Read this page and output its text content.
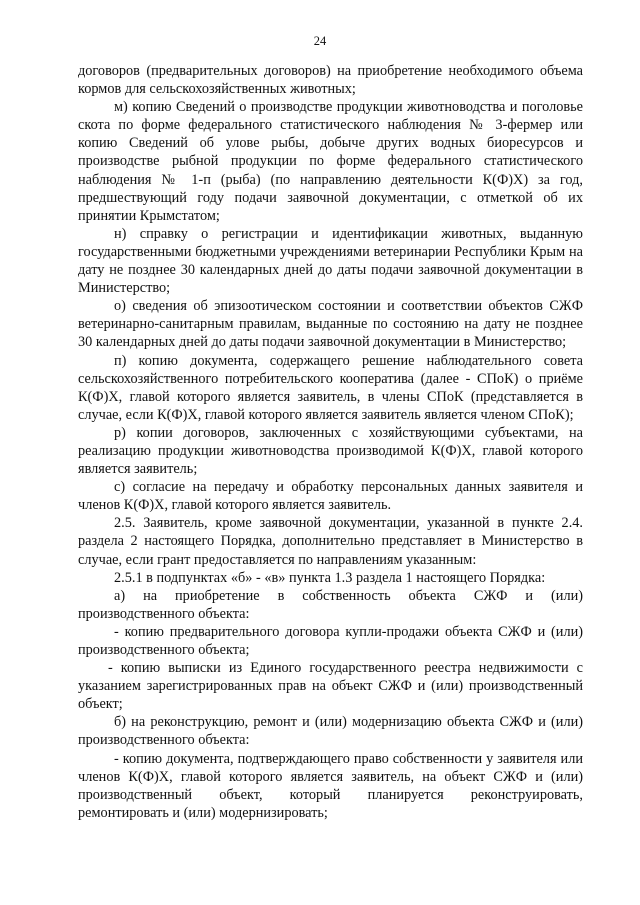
24

договоров (предварительных договоров) на приобретение необходимого объема кормов для сельскохозяйственных животных;

м) копию Сведений о производстве продукции животноводства и поголовье скота по форме федерального статистического наблюдения № 3-фермер или копию Сведений об улове рыбы, добыче других водных биоресурсов и производстве рыбной продукции по форме федерального статистического наблюдения № 1-п (рыба) (по направлению деятельности К(Ф)Х) за год, предшествующий году подачи заявочной документации, с отметкой об их принятии Крымстатом;

н) справку о регистрации и идентификации животных, выданную государственными бюджетными учреждениями ветеринарии Республики Крым на дату не позднее 30 календарных дней до даты подачи заявочной документации в Министерство;

о) сведения об эпизоотическом состоянии и соответствии объектов СЖФ ветеринарно-санитарным правилам, выданные по состоянию на дату не позднее 30 календарных дней до даты подачи заявочной документации в Министерство;

п) копию документа, содержащего решение наблюдательного совета сельскохозяйственного потребительского кооператива (далее - СПоК) о приёме К(Ф)Х, главой которого является заявитель, в члены СПоК (представляется в случае, если К(Ф)Х, главой которого является заявитель является членом СПоК);

р) копии договоров, заключенных с хозяйствующими субъектами, на реализацию продукции животноводства производимой К(Ф)Х, главой которого является заявитель;

с) согласие на передачу и обработку персональных данных заявителя и членов К(Ф)Х, главой которого является заявитель.

2.5. Заявитель, кроме заявочной документации, указанной в пункте 2.4. раздела 2 настоящего Порядка, дополнительно представляет в Министерство в случае, если грант предоставляется по направлениям указанным:

2.5.1 в подпунктах «б» - «в» пункта 1.3 раздела 1 настоящего Порядка:

а) на приобретение в собственность объекта СЖФ и (или) производственного объекта:

- копию предварительного договора купли-продажи объекта СЖФ и (или) производственного объекта;

- копию выписки из Единого государственного реестра недвижимости с указанием зарегистрированных прав на объект СЖФ и (или) производственный объект;

б) на реконструкцию, ремонт и (или) модернизацию объекта СЖФ и (или) производственного объекта:

- копию документа, подтверждающего право собственности у заявителя или членов К(Ф)Х, главой которого является заявитель, на объект СЖФ и (или) производственный объект, который планируется реконструировать, ремонтировать и (или) модернизировать;
